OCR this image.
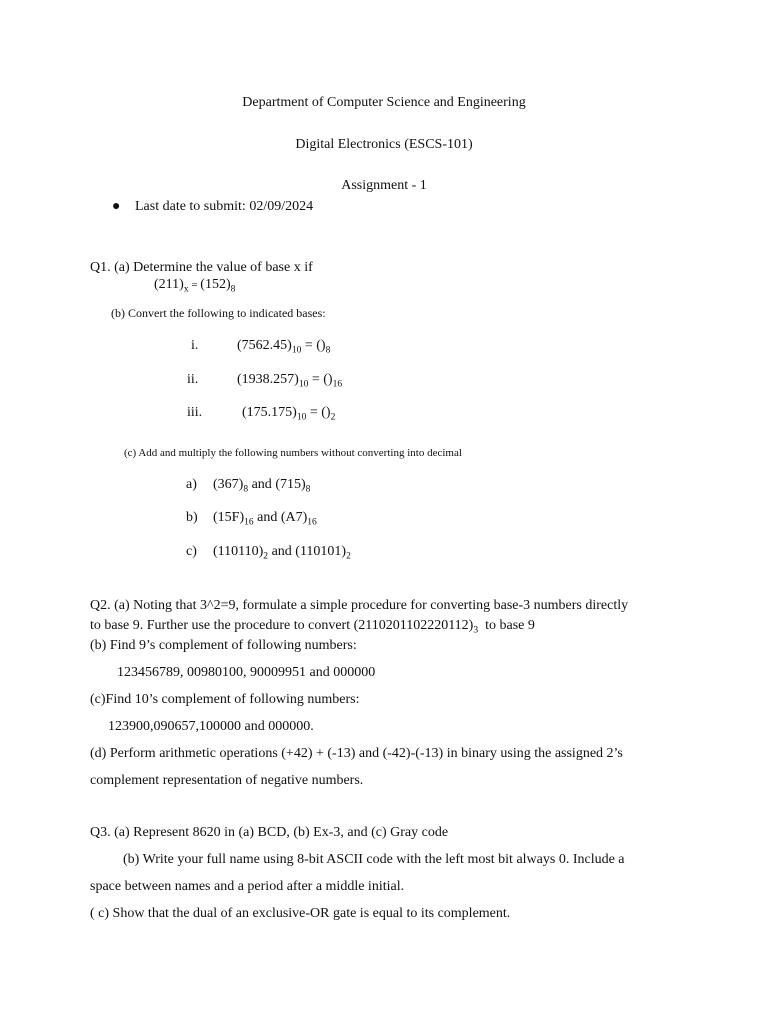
Department of Computer Science and Engineering
Digital Electronics (ESCS-101)
Assignment - 1
● Last date to submit: 02/09/2024
Q1. (a) Determine the value of base x if
$(211)_x = (152)_8$
(b) Convert the following to indicated bases:
i.	$(7562.45)_{10} = ()_8$
ii.	$(1938.257)_{10} = ()_{16}$
iii.	$(175.175)_{10} = ()_2$
(c) Add and multiply the following numbers without converting into decimal
a) $(367)_8$ and $(715)_8$
b) $(15F)_{16}$ and $(A7)_{16}$
c) $(110110)_2$ and $(110101)_2$
Q2. (a) Noting that 3^2=9, formulate a simple procedure for converting base-3 numbers directly
to base 9. Further use the procedure to convert $(2110201102220112)_3$  to base 9
(b) Find 9’s complement of following numbers:
123456789, 00980100, 90009951 and 000000
(c)Find 10’s complement of following numbers:
123900,090657,100000 and 000000.
(d) Perform arithmetic operations (+42) + (-13) and (-42)-(-13) in binary using the assigned 2’s
complement representation of negative numbers.
Q3. (a) Represent 8620 in (a) BCD, (b) Ex-3, and (c) Gray code
(b) Write your full name using 8-bit ASCII code with the left most bit always 0. Include a
space between names and a period after a middle initial.
( c) Show that the dual of an exclusive-OR gate is equal to its complement.
